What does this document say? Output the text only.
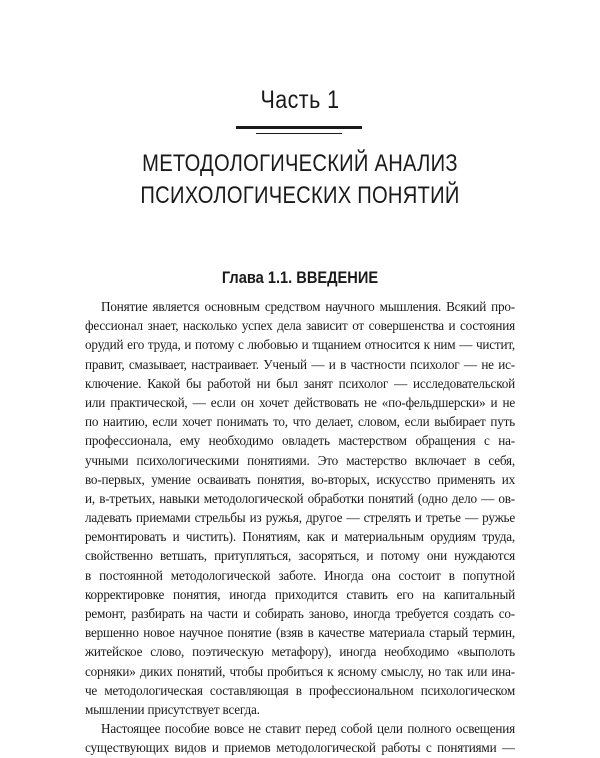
Часть 1
МЕТОДОЛОГИЧЕСКИЙ АНАЛИЗ
ПСИХОЛОГИЧЕСКИХ ПОНЯТИЙ
Глава 1.1. ВВЕДЕНИЕ
Понятие является основным средством научного мышления. Всякий про-
фессионал знает, насколько успех дела зависит от совершенства и состояния
орудий его труда, и потому с любовью и тщанием относится к ним — чистит,
правит, смазывает, настраивает. Ученый — и в частности психолог — не ис-
ключение. Какой бы работой ни был занят психолог — исследовательской
или практической, — если он хочет действовать не «по-фельдшерски» и не
по наитию, если хочет понимать то, что делает, словом, если выбирает путь
профессионала, ему необходимо овладеть мастерством обращения с на-
учными психологическими понятиями. Это мастерство включает в себя,
во-первых, умение осваивать понятия, во-вторых, искусство применять их
и, в-третьих, навыки методологической обработки понятий (одно дело — ов-
ладевать приемами стрельбы из ружья, другое — стрелять и третье — ружье
ремонтировать и чистить). Понятиям, как и материальным орудиям труда,
свойственно ветшать, притупляться, засоряться, и потому они нуждаются
в постоянной методологической заботе. Иногда она состоит в попутной
корректировке понятия, иногда приходится ставить его на капитальный
ремонт, разбирать на части и собирать заново, иногда требуется создать со-
вершенно новое научное понятие (взяв в качестве материала старый термин,
житейское слово, поэтическую метафору), иногда необходимо «выполоть
сорняки» диких понятий, чтобы пробиться к ясному смыслу, но так или ина-
че методологическая составляющая в профессиональном психологическом
мышлении присутствует всегда.
Настоящее пособие вовсе не ставит перед собой цели полного освещения
существующих видов и приемов методологической работы с понятиями —
